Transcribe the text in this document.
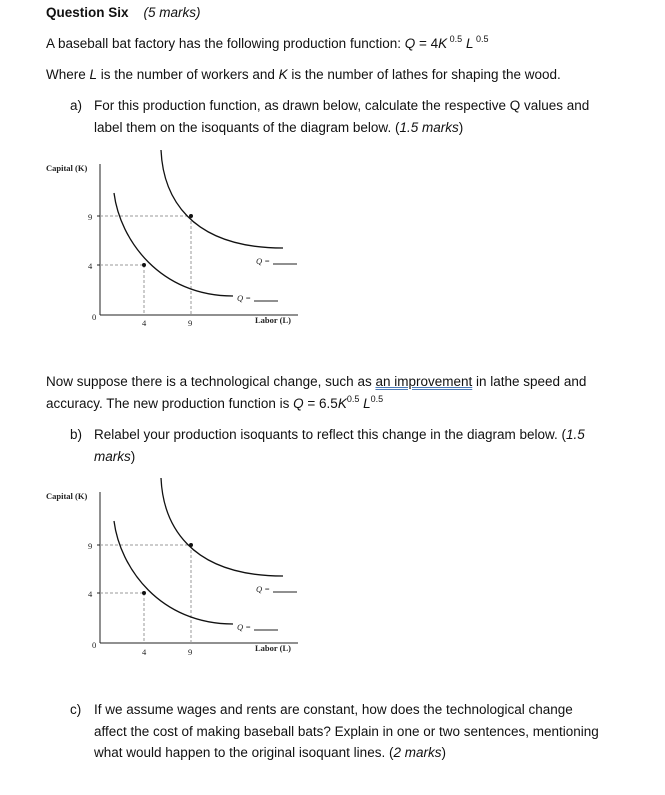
Question Six (5 marks)
A baseball bat factory has the following production function: Q = 4K $^{0.5}$ L $^{0.5}$
Where L is the number of workers and K is the number of lathes for shaping the wood.
a) For this production function, as drawn below, calculate the respective Q values and
label them on the isoquants of the diagram below. (1.5 marks)
Capital (K)
9
4
0
4	9
Q =
Q =
Labor (L)
Now suppose there is a technological change, such as an improvement in lathe speed and
accuracy. The new production function is $Q = 6.5K^{0.5}$ $L^{0.5}$
b) Relabel your production isoquants to reflect this change in the diagram below. (1.5
marks)
Capital (K)
9
4
0
4	9
Q =
Q =
Labor (L)
c) If we assume wages and rents are constant, how does the technological change
affect the cost of making baseball bats? Explain in one or two sentences, mentioning
what would happen to the original isoquant lines. (2 marks)
